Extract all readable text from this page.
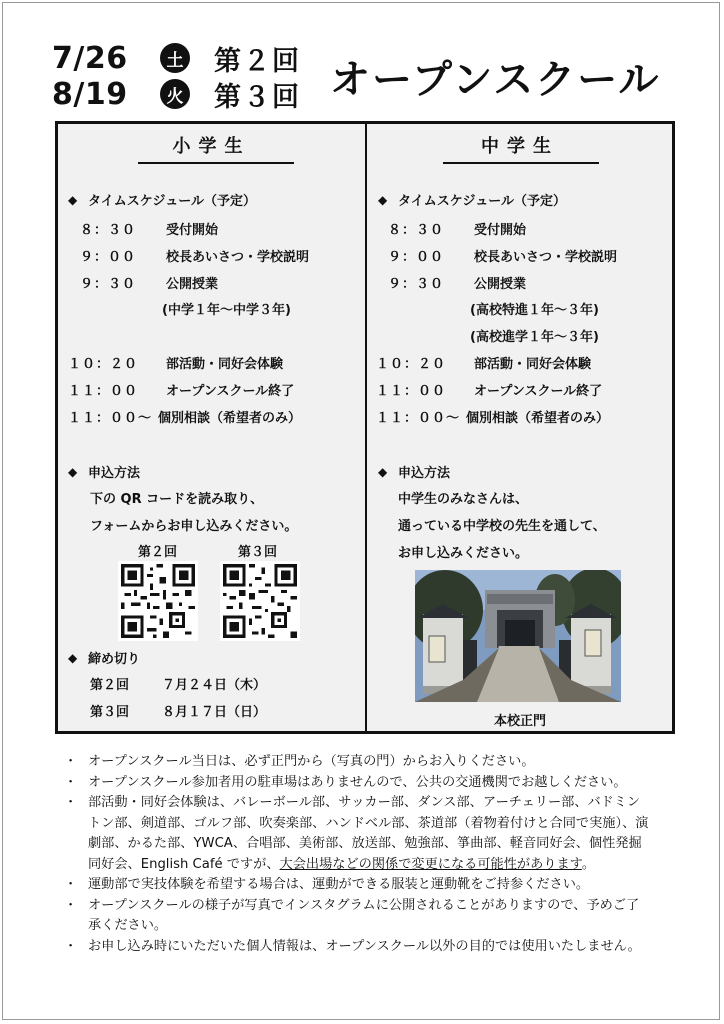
7/26	土 第２回
8/19	火 第３回 オープンスクール
小学生
◆ タイムスケジュール（予定）
８：３０	受付開始
９：００	校長あいさつ・学校説明
９：３０	公開授業
(中学１年～中学３年)
１０：２０	部活動・同好会体験
１１：００	オープンスクール終了
１１：００～ 個別相談（希望者のみ）
◆ 申込方法
下の QR コードを読み取り、
フォームからお申し込みください。
第２回	第３回
◆ 締め切り
第２回	７月２４日（木）
第３回	８月１７日（日）
中学生
◆ タイムスケジュール（予定）
８：３０	受付開始
９：００	校長あいさつ・学校説明
９：３０	公開授業
(高校特進１年～３年)
(高校進学１年～３年)
１０：２０	部活動・同好会体験
１１：００	オープンスクール終了
１１：００～ 個別相談（希望者のみ）
◆ 申込方法
中学生のみなさんは、
通っている中学校の先生を通して、
お申し込みください。
本校正門
・ オープンスクール当日は、必ず正門から（写真の門）からお入りください。
・ オープンスクール参加者用の駐車場はありませんので、公共の交通機関でお越しください。
・ 部活動・同好会体験は、バレーボール部、サッカー部、ダンス部、アーチェリー部、バドミン
トン部、剣道部、ゴルフ部、吹奏楽部、ハンドベル部、茶道部（着物着付けと合同で実施）、演
劇部、かるた部、YWCA、合唱部、美術部、放送部、勉強部、箏曲部、軽音同好会、個性発掘
同好会、English Café ですが、大会出場などの関係で変更になる可能性があります。
・ 運動部で実技体験を希望する場合は、運動ができる服装と運動靴をご持参ください。
・ オープンスクールの様子が写真でインスタグラムに公開されることがありますので、予めご了
承ください。
・ お申し込み時にいただいた個人情報は、オープンスクール以外の目的では使用いたしません。
